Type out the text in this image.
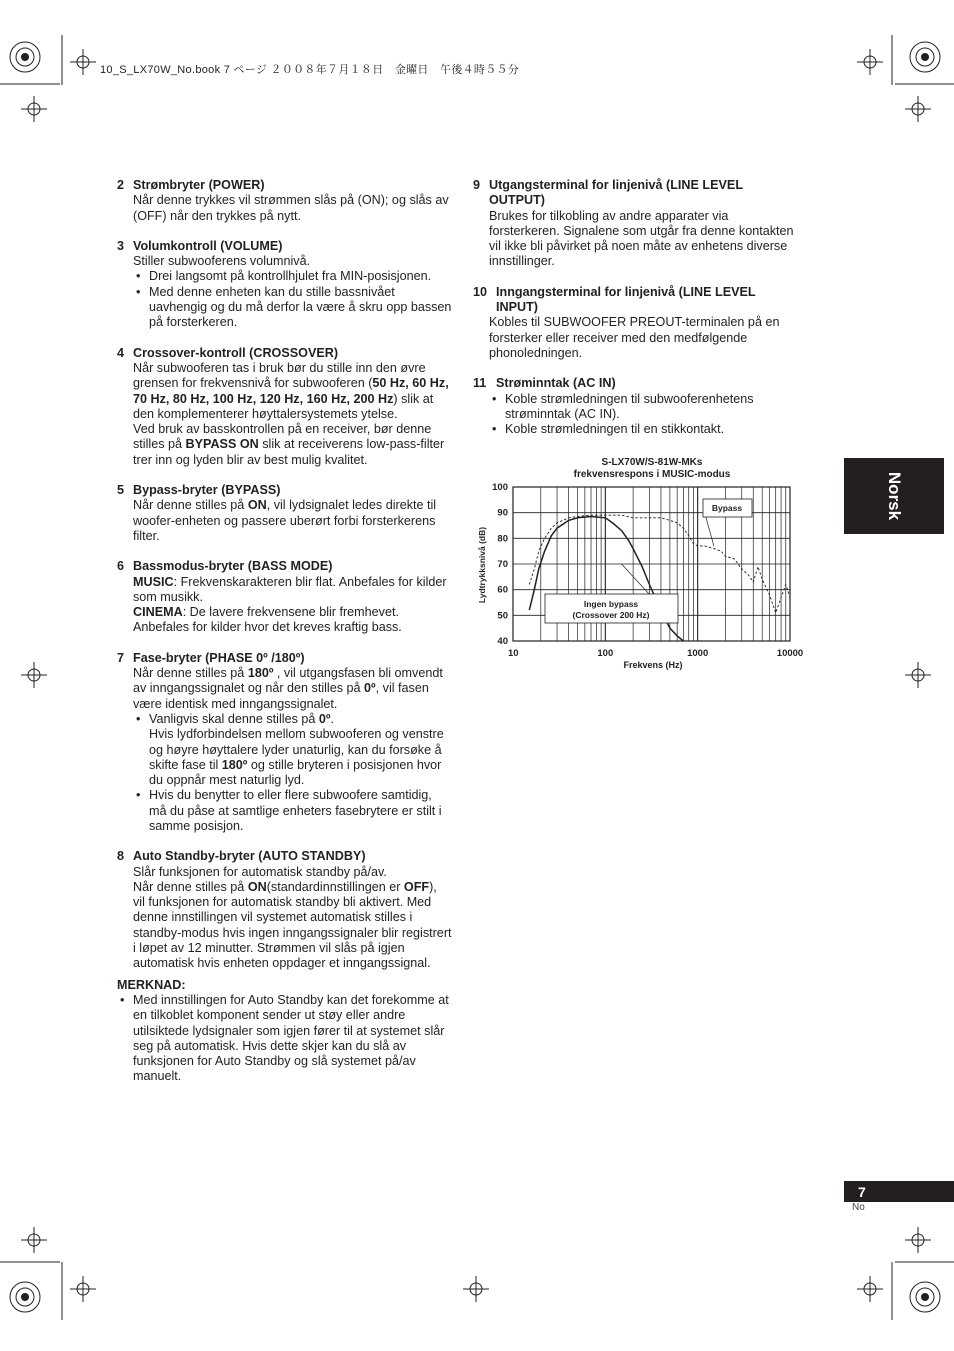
10_S_LX70W_No.book 7 ページ ２００８年７月１８日　金曜日　午後４時５５分
2 Strømbryter (POWER)

Når denne trykkes vil strømmen slås på (ON); og slås av (OFF) når den trykkes på nytt.

3 Volumkontroll (VOLUME)

Stiller subwooferens volumnivå.

• Drei langsomt på kontrollhjulet fra MIN-posisjonen.
• Med denne enheten kan du stille bassnivået uavhengig og du må derfor la være å skru opp bassen på forsterkeren.
4 Crossover-kontroll (CROSSOVER)

Når subwooferen tas i bruk bør du stille inn den øvre grensen for frekvensnivå for subwooferen (50 Hz, 60 Hz, 70 Hz, 80 Hz, 100 Hz, 120 Hz, 160 Hz, 200 Hz) slik at den komplementerer høyttalersystemets ytelse.

Ved bruk av basskontrollen på en receiver, bør denne stilles på BYPASS ON slik at receiverens low-pass-filter trer inn og lyden blir av best mulig kvalitet.

5 Bypass-bryter (BYPASS)

Når denne stilles på ON, vil lydsignalet ledes direkte til woofer-enheten og passere uberørt forbi forsterkerens filter.

6 Bassmodus-bryter (BASS MODE)

MUSIC: Frekvenskarakteren blir flat. Anbefales for kilder som musikk.

CINEMA: De lavere frekvensene blir fremhevet. Anbefales for kilder hvor det kreves kraftig bass.

7 Fase-bryter (PHASE 0º /180º)

Når denne stilles på 180º , vil utgangsfasen bli omvendt av inngangssignalet og når den stilles på 0º, vil fasen være identisk med inngangssignalet.

• Vanligvis skal denne stilles på 0º.
Hvis lydforbindelsen mellom subwooferen og venstre og høyre høyttalere lyder unaturlig, kan du forsøke å skifte fase til 180º og stille bryteren i posisjonen hvor du oppnår mest naturlig lyd.
• Hvis du benytter to eller flere subwoofere samtidig, må du påse at samtlige enheters fasebrytere er stilt i samme posisjon.
8 Auto Standby-bryter (AUTO STANDBY)

Slår funksjonen for automatisk standby på/av.

Når denne stilles på ON(standardinnstillingen er OFF), vil funksjonen for automatisk standby bli aktivert. Med denne innstillingen vil systemet automatisk stilles i standby-modus hvis ingen inngangssignaler blir registrert i løpet av 12 minutter. Strømmen vil slås på igjen automatisk hvis enheten oppdager et inngangssignal.

MERKNAD:
• Med innstillingen for Auto Standby kan det forekomme at en tilkoblet komponent sender ut støy eller andre utilsiktede lydsignaler som igjen fører til at systemet slår seg på automatisk. Hvis dette skjer kan du slå av funksjonen for Auto Standby og slå systemet på/av manuelt.
9 Utgangsterminal for linjenivå (LINE LEVEL OUTPUT)

Brukes for tilkobling av andre apparater via forsterkeren. Signalene som utgår fra denne kontakten vil ikke bli påvirket på noen måte av enhetens diverse innstillinger.

10 Inngangsterminal for linjenivå (LINE LEVEL INPUT)

Kobles til SUBWOOFER PREOUT-terminalen på en forsterker eller receiver med den medfølgende phonoledningen.

11 Strøminntak (AC IN)
• Koble strømledningen til subwooferenhetens strøminntak (AC IN).
• Koble strømledningen til en stikkontakt.
S-LX70W/S-81W-MKs
frekvensrespons i MUSIC-modus
100
90
80
70
60
50
40
10	100	1000	10000
Lydtrykksnivå (dB)
Frekvens (Hz)
Bypass
Ingen bypass
(Crossover 200 Hz)
Norsk
7
No
